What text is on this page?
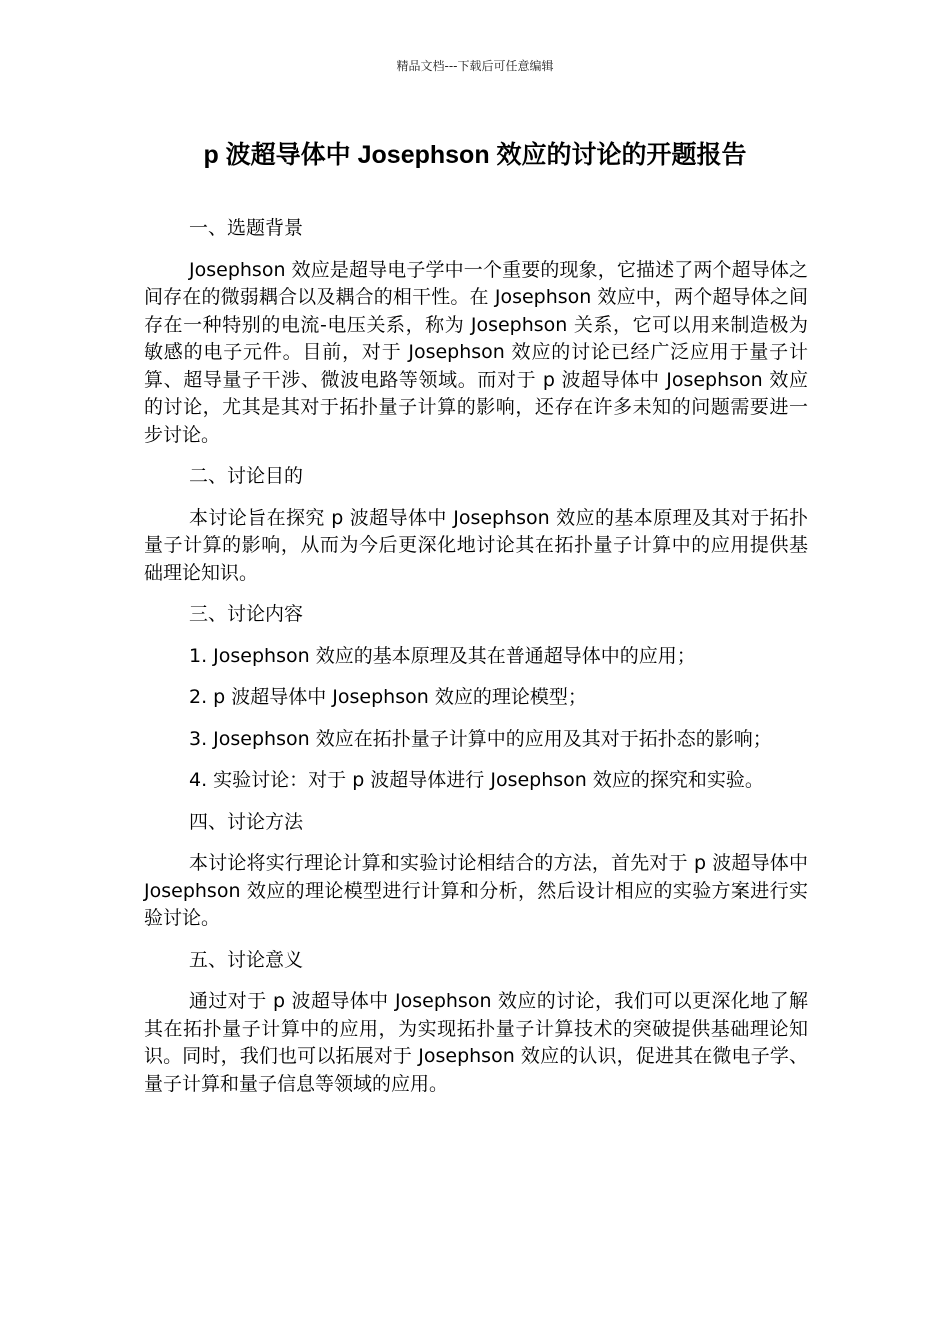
精品文档---下载后可任意编辑
p 波超导体中 Josephson 效应的讨论的开题报告

一、选题背景

Josephson 效应是超导电子学中一个重要的现象，它描述了两个超导体之间存在的微弱耦合以及耦合的相干性。在 Josephson 效应中，两个超导体之间存在一种特别的电流-电压关系，称为 Josephson 关系，它可以用来制造极为敏感的电子元件。目前，对于 Josephson 效应的讨论已经广泛应用于量子计算、超导量子干涉、微波电路等领域。而对于 p 波超导体中 Josephson 效应的讨论，尤其是其对于拓扑量子计算的影响，还存在许多未知的问题需要进一步讨论。

二、讨论目的

本讨论旨在探究 p 波超导体中 Josephson 效应的基本原理及其对于拓扑量子计算的影响，从而为今后更深化地讨论其在拓扑量子计算中的应用提供基础理论知识。

三、讨论内容

1. Josephson 效应的基本原理及其在普通超导体中的应用；

2. p 波超导体中 Josephson 效应的理论模型；

3. Josephson 效应在拓扑量子计算中的应用及其对于拓扑态的影响；

4. 实验讨论：对于 p 波超导体进行 Josephson 效应的探究和实验。

四、讨论方法

本讨论将实行理论计算和实验讨论相结合的方法，首先对于 p 波超导体中 Josephson 效应的理论模型进行计算和分析，然后设计相应的实验方案进行实验讨论。

五、讨论意义

通过对于 p 波超导体中 Josephson 效应的讨论，我们可以更深化地了解其在拓扑量子计算中的应用，为实现拓扑量子计算技术的突破提供基础理论知识。同时，我们也可以拓展对于 Josephson 效应的认识，促进其在微电子学、量子计算和量子信息等领域的应用。
